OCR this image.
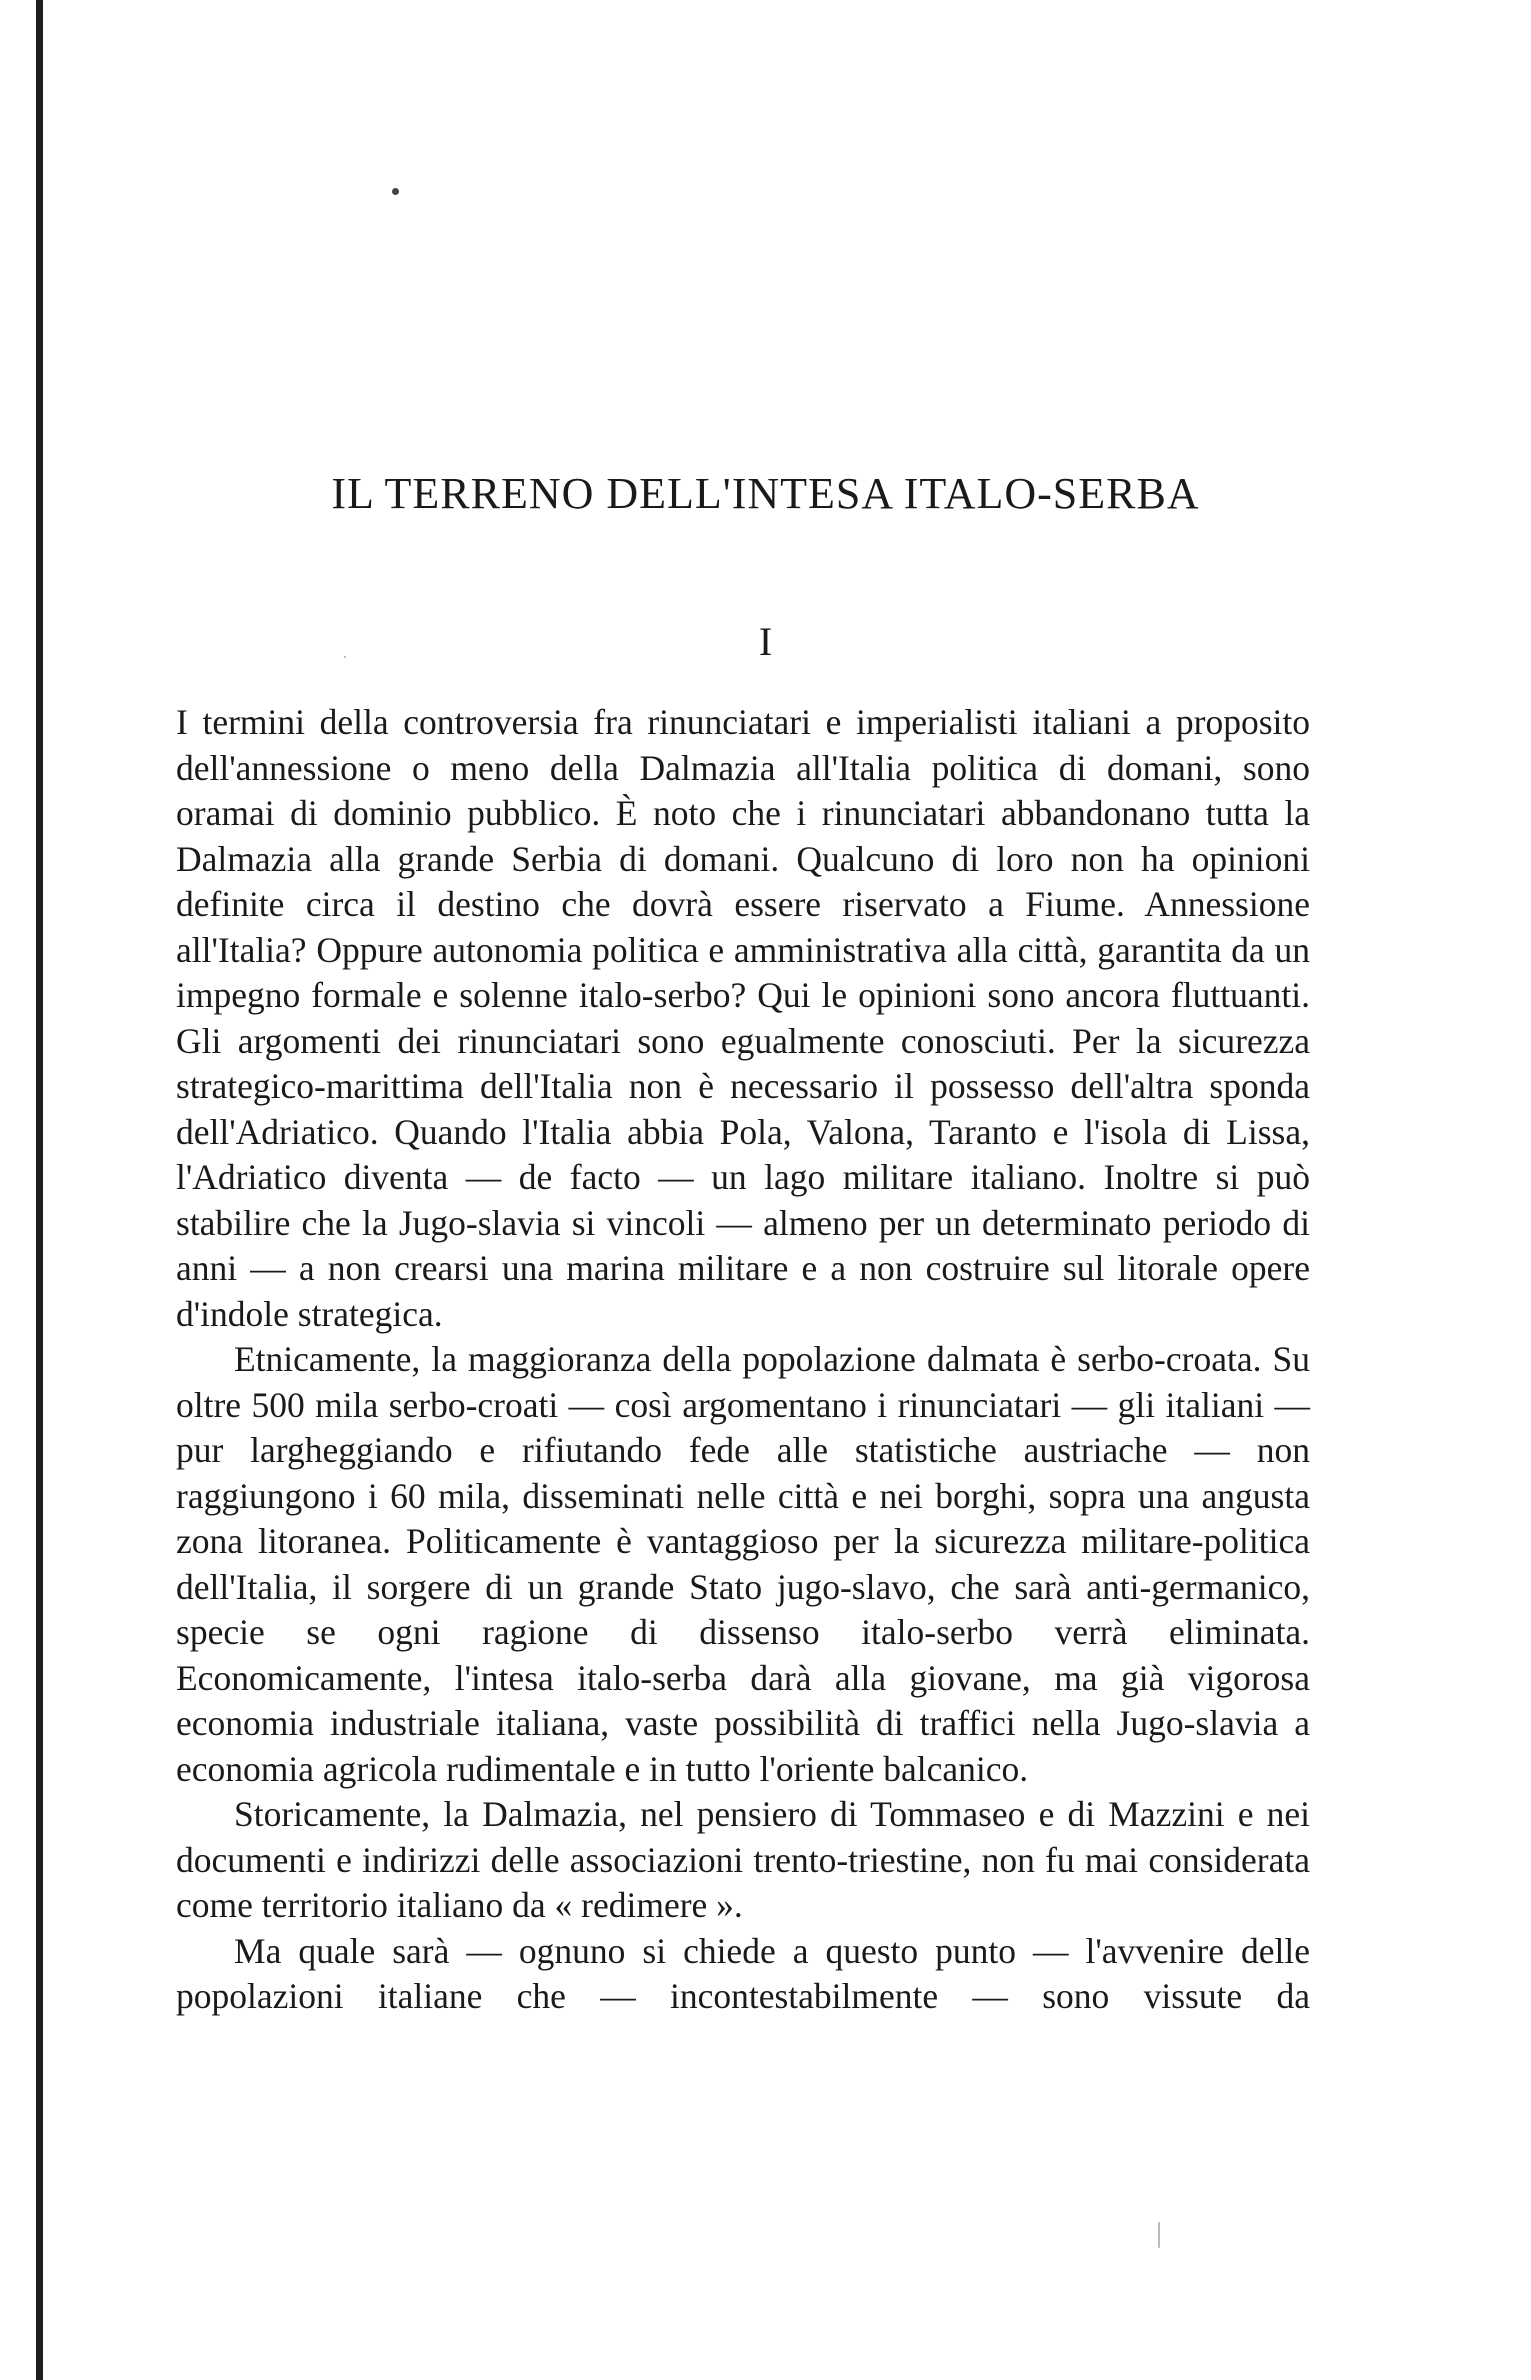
IL TERRENO DELL'INTESA ITALO-SERBA
I

I termini della controversia fra rinunciatari e imperialisti italiani a proposito dell'annessione o meno della Dalmazia all'Italia politica di domani, sono oramai di dominio pubblico. È noto che i rinunciatari abbandonano tutta la Dalmazia alla grande Serbia di domani. Qualcuno di loro non ha opinioni definite circa il destino che dovrà essere riservato a Fiume. Annessione all'Italia? Oppure autonomia politica e amministrativa alla città, garantita da un impegno formale e solenne italo-serbo? Qui le opinioni sono ancora fluttuanti. Gli argomenti dei rinunciatari sono egualmente conosciuti. Per la sicurezza strategico-marittima dell'Italia non è necessario il possesso dell'altra sponda dell'Adriatico. Quando l'Italia abbia Pola, Valona, Taranto e l'isola di Lissa, l'Adriatico diventa — de facto — un lago militare italiano. Inoltre si può stabilire che la Jugo-slavia si vincoli — almeno per un determinato periodo di anni — a non crearsi una marina militare e a non costruire sul litorale opere d'indole strategica.

Etnicamente, la maggioranza della popolazione dalmata è serbo-croata. Su oltre 500 mila serbo-croati — così argomentano i rinunciatari — gli italiani — pur largheggiando e rifiutando fede alle statistiche austriache — non raggiungono i 60 mila, disseminati nelle città e nei borghi, sopra una angusta zona litoranea. Politicamente è vantaggioso per la sicurezza militare-politica dell'Italia, il sorgere di un grande Stato jugo-slavo, che sarà anti-germanico, specie se ogni ragione di dissenso italo-serbo verrà eliminata. Economicamente, l'intesa italo-serba darà alla giovane, ma già vigorosa economia industriale italiana, vaste possibilità di traffici nella Jugo-slavia a economia agricola rudimentale e in tutto l'oriente balcanico.

Storicamente, la Dalmazia, nel pensiero di Tommaseo e di Mazzini e nei documenti e indirizzi delle associazioni trento-triestine, non fu mai considerata come territorio italiano da « redimere ».

Ma quale sarà — ognuno si chiede a questo punto — l'avvenire delle popolazioni italiane che — incontestabilmente — sono vissute da
